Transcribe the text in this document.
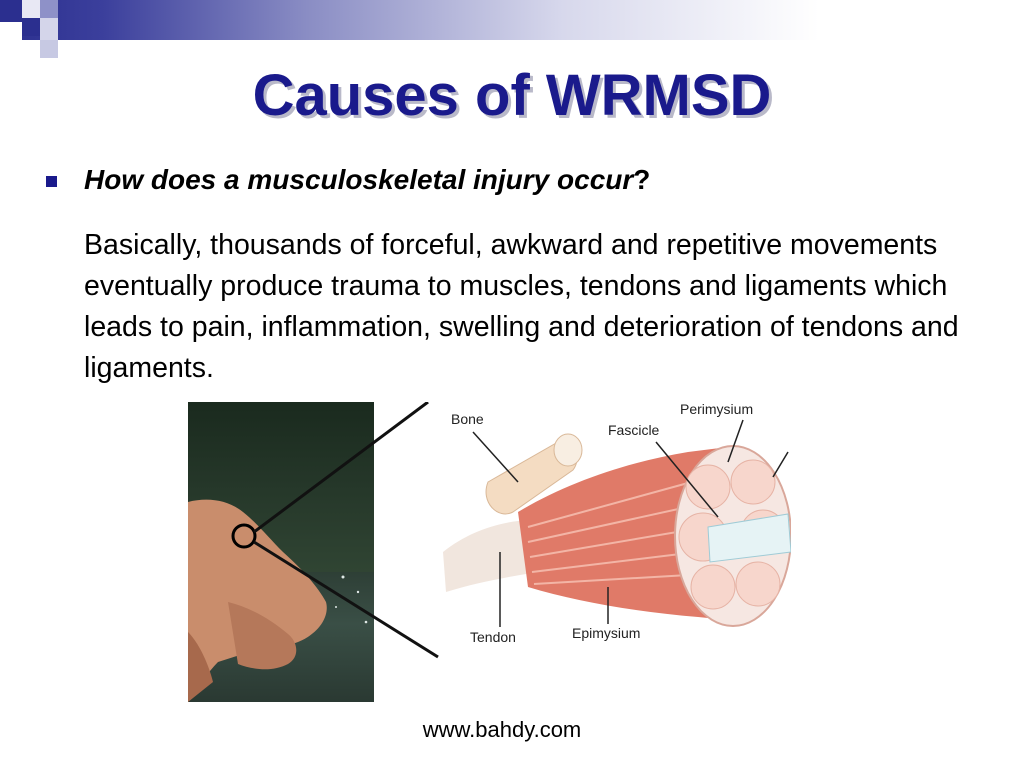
Causes of WRMSD
How does a musculoskeletal injury occur?
Basically, thousands of forceful, awkward and repetitive movements eventually produce trauma to muscles, tendons and ligaments which leads to pain, inflammation, swelling and deterioration of tendons and ligaments.
Bone
Perimysium
Fascicle
Tendon	Epimysium
www.bahdy.com
